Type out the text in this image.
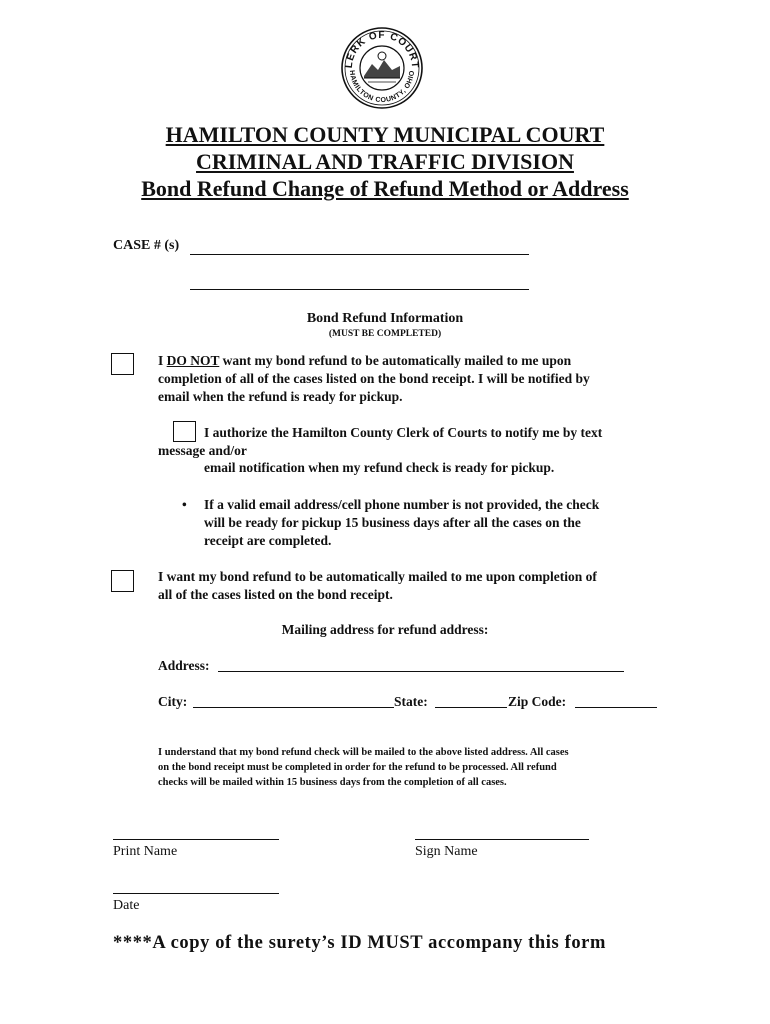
LERK OF COURT
HAMILTON COUNTY, OHIO
HAMILTON COUNTY MUNICIPAL COURT
CRIMINAL AND TRAFFIC DIVISION
Bond Refund Change of Refund Method or Address
CASE # (s)
Bond Refund Information
(MUST BE COMPLETED)
I DO NOT want my bond refund to be automatically mailed to me upon
completion of all of the cases listed on the bond receipt. I will be notified by
email when the refund is ready for pickup.
I authorize the Hamilton County Clerk of Courts to notify me by text
message and/or
email notification when my refund check is ready for pickup.
• If a valid email address/cell phone number is not provided, the check
will be ready for pickup 15 business days after all the cases on the
receipt are completed.
I want my bond refund to be automatically mailed to me upon completion of
all of the cases listed on the bond receipt.
Mailing address for refund address:
Address:
City:	State:	Zip Code:
I understand that my bond refund check will be mailed to the above listed address. All cases
on the bond receipt must be completed in order for the refund to be processed. All refund
checks will be mailed within 15 business days from the completion of all cases.
Print Name	Sign Name
Date
****A copy of the surety’s ID MUST accompany this form
